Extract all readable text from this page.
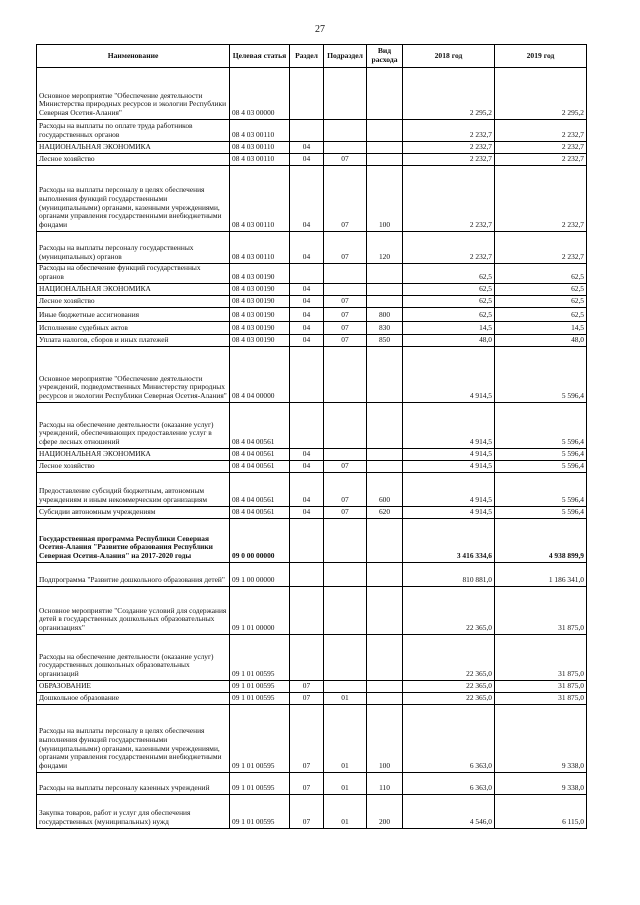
27
Наименование	Целевая статья	Раздел	Подраздел	Вид расхода	2018 год	2019 год
Основное мероприятие "Обеспечение деятельности Министерства природных ресурсов и экологии Республики Северная Осетия-Алания"	08 4 03 00000				2 295,2	2 295,2
Расходы на выплаты по оплате труда работников государственных органов	08 4 03 00110				2 232,7	2 232,7
НАЦИОНАЛЬНАЯ ЭКОНОМИКА	08 4 03 00110	04			2 232,7	2 232,7
Лесное хозяйство	08 4 03 00110	04	07		2 232,7	2 232,7
Расходы на выплаты персоналу в целях обеспечения выполнения функций государственными (муниципальными) органами, казенными учреждениями, органами управления государственными внебюджетными фондами	08 4 03 00110	04	07	100	2 232,7	2 232,7
Расходы на выплаты персоналу государственных (муниципальных) органов	08 4 03 00110	04	07	120	2 232,7	2 232,7
Расходы на обеспечение функций государственных органов	08 4 03 00190				62,5	62,5
НАЦИОНАЛЬНАЯ ЭКОНОМИКА	08 4 03 00190	04			62,5	62,5
Лесное хозяйство	08 4 03 00190	04	07		62,5	62,5
Иные бюджетные ассигнования	08 4 03 00190	04	07	800	62,5	62,5
Исполнение судебных актов	08 4 03 00190	04	07	830	14,5	14,5
Уплата налогов, сборов и иных платежей	08 4 03 00190	04	07	850	48,0	48,0
Основное мероприятие "Обеспечение деятельности учреждений, подведомственных Министерству природных ресурсов и экологии Республики Северная Осетия-Алания"	08 4 04 00000				4 914,5	5 596,4
Расходы на обеспечение деятельности (оказание услуг) учреждений, обеспечивающих предоставление услуг в сфере лесных отношений	08 4 04 00561				4 914,5	5 596,4
НАЦИОНАЛЬНАЯ ЭКОНОМИКА	08 4 04 00561	04			4 914,5	5 596,4
Лесное хозяйство	08 4 04 00561	04	07		4 914,5	5 596,4
Предоставление субсидий бюджетным, автономным учреждениям и иным некоммерческим организациям	08 4 04 00561	04	07	600	4 914,5	5 596,4
Субсидии автономным учреждениям	08 4 04 00561	04	07	620	4 914,5	5 596,4
Государственная программа Республики Северная Осетия-Алания "Развитие образования Республики Северная Осетия-Алания" на 2017-2020 годы	09 0 00 00000				3 416 334,6	4 938 899,9
Подпрограмма "Развитие дошкольного образования детей"	09 1 00 00000				810 881,0	1 186 341,0
Основное мероприятие "Создание условий для содержания детей в государственных дошкольных образовательных организациях"	09 1 01 00000				22 365,0	31 875,0
Расходы на обеспечение деятельности (оказание услуг) государственных дошкольных образовательных организаций	09 1 01 00595				22 365,0	31 875,0
ОБРАЗОВАНИЕ	09 1 01 00595	07			22 365,0	31 875,0
Дошкольное образование	09 1 01 00595	07	01		22 365,0	31 875,0
Расходы на выплаты персоналу в целях обеспечения выполнения функций государственными (муниципальными) органами, казенными учреждениями, органами управления государственными внебюджетными фондами	09 1 01 00595	07	01	100	6 363,0	9 338,0
Расходы на выплаты персоналу казенных учреждений	09 1 01 00595	07	01	110	6 363,0	9 338,0
Закупка товаров, работ и услуг для обеспечения государственных (муниципальных) нужд	09 1 01 00595	07	01	200	4 546,0	6 115,0
